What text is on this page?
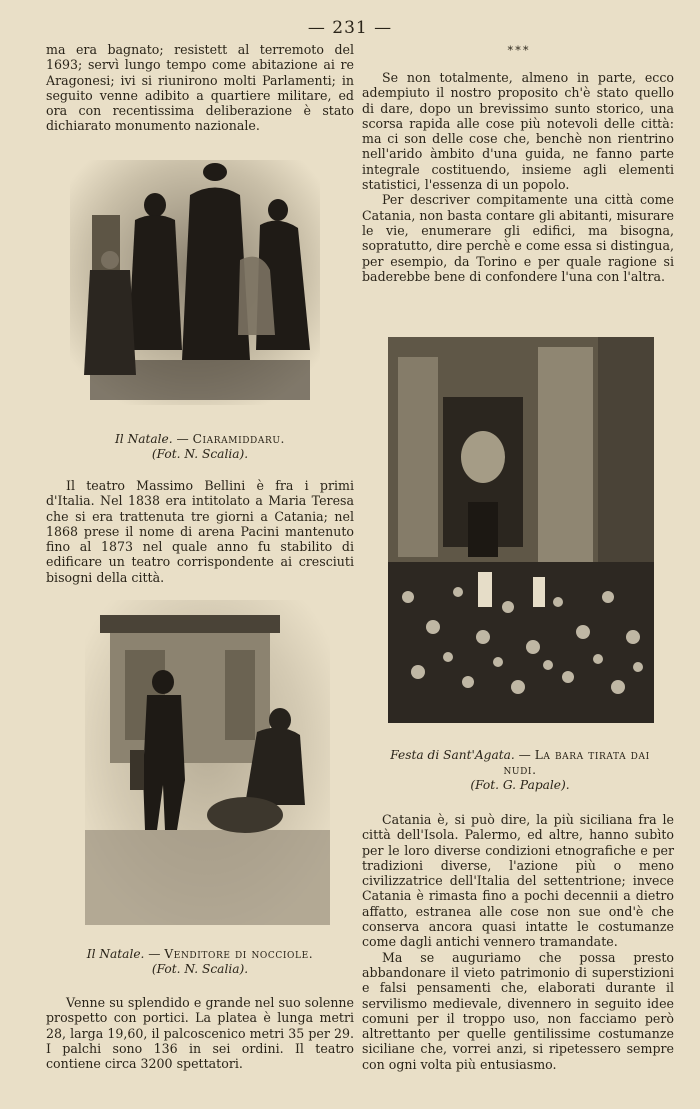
— 231 —

ma era bagnato; resistett al terremoto del 1693; servì lungo tempo come abitazione ai re Aragonesi; ivi si riunirono molti Parlamenti; in seguito venne adibito a quartiere militare, ed ora con recentissima deliberazione è stato dichiarato monumento nazionale.

Il Natale. — Ciaramiddaru.
(Fot. N. Scalia).

Il teatro Massimo Bellini è fra i primi d'Italia. Nel 1838 era intitolato a Maria Teresa che si era trattenuta tre giorni a Catania; nel 1868 prese il nome di arena Pacini mantenuto fino al 1873 nel quale anno fu stabilito di edificare un teatro corrispondente ai cresciuti bisogni della città.

Il Natale. — Venditore di nocciole.
(Fot. N. Scalia).

Venne su splendido e grande nel suo solenne prospetto con portici. La platea è lunga metri 28, larga 19,60, il palcoscenico metri 35 per 29. I palchi sono 136 in sei ordini. Il teatro contiene circa 3200 spettatori.

* * *

Se non totalmente, almeno in parte, ecco adempiuto il nostro proposito ch'è stato quello di dare, dopo un brevissimo sunto storico, una scorsa rapida alle cose più notevoli delle città: ma ci son delle cose che, benchè non rientrino nell'arido àmbito d'una guida, ne fanno parte integrale costituendo, insieme agli elementi statistici, l'essenza di un popolo.

Per descriver compitamente una città come Catania, non basta contare gli abitanti, misurare le vie, enumerare gli edifici, ma bisogna, sopratutto, dire perchè e come essa si distingua, per esempio, da Torino e per quale ragione si baderebbe bene di confondere l'una con l'altra.

Festa di Sant'Agata. — La bara tirata dai nudi.
(Fot. G. Papale).

Catania è, si può dire, la più siciliana fra le città dell'Isola. Palermo, ed altre, hanno subìto per le loro diverse condizioni etnografiche e per tradizioni diverse, l'azione più o meno civilizzatrice dell'Italia del settentrione; invece Catania è rimasta fino a pochi decennii a dietro affatto, estranea alle cose non sue ond'è che conserva ancora quasi intatte le costumanze come dagli antichi vennero tramandate.

Ma se auguriamo che possa presto abbandonare il vieto patrimonio di superstizioni e falsi pensamenti che, elaborati durante il servilismo medievale, divennero in seguito idee comuni per il troppo uso, non facciamo però altrettanto per quelle gentilissime costumanze siciliane che, vorrei anzi, si ripetessero sempre con ogni volta più entusiasmo.
